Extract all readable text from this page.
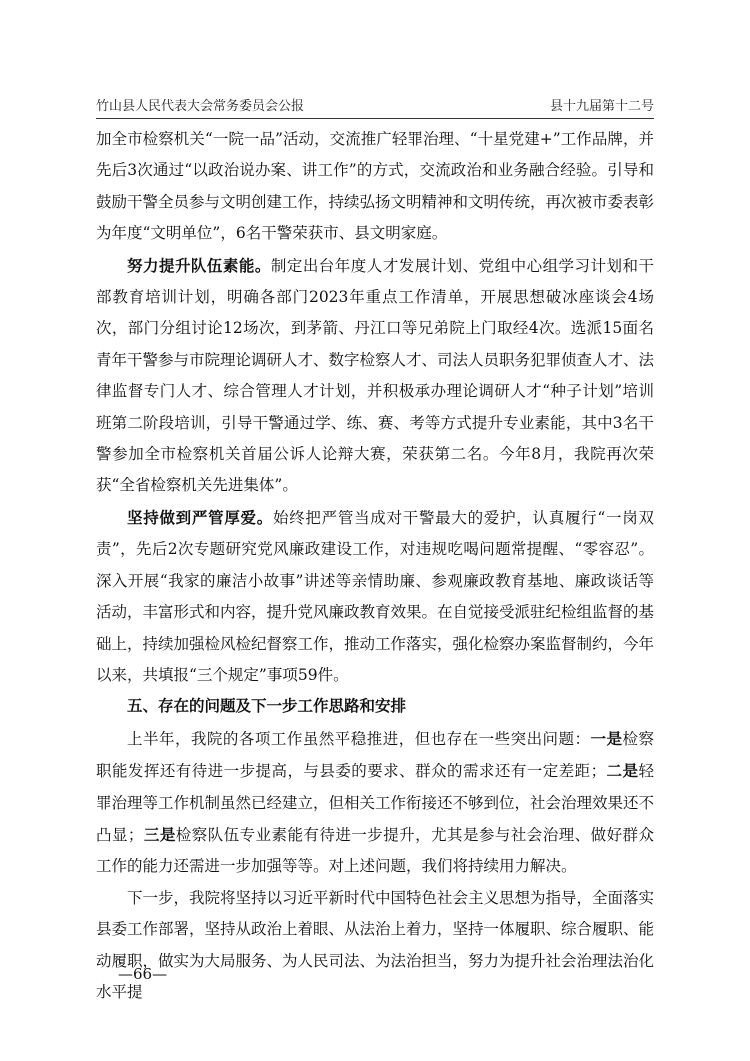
竹山县人民代表大会常务委员会公报	县十九届第十二号

加全市检察机关“一院一品”活动，交流推广轻罪治理、“十星党建+”工作品牌，并先后3次通过“以政治说办案、讲工作”的方式，交流政治和业务融合经验。引导和鼓励干警全员参与文明创建工作，持续弘扬文明精神和文明传统，再次被市委表彰为年度“文明单位”，6名干警荣获市、县文明家庭。

努力提升队伍素能。制定出台年度人才发展计划、党组中心组学习计划和干部教育培训计划，明确各部门2023年重点工作清单，开展思想破冰座谈会4场次，部门分组讨论12场次，到茅箭、丹江口等兄弟院上门取经4次。选派15面名青年干警参与市院理论调研人才、数字检察人才、司法人员职务犯罪侦查人才、法律监督专门人才、综合管理人才计划，并积极承办理论调研人才“种子计划”培训班第二阶段培训，引导干警通过学、练、赛、考等方式提升专业素能，其中3名干警参加全市检察机关首届公诉人论辩大赛，荣获第二名。今年8月，我院再次荣获“全省检察机关先进集体”。

坚持做到严管厚爱。始终把严管当成对干警最大的爱护，认真履行“一岗双责”，先后2次专题研究党风廉政建设工作，对违规吃喝问题常提醒、“零容忍”。深入开展“我家的廉洁小故事”讲述等亲情助廉、参观廉政教育基地、廉政谈话等活动，丰富形式和内容，提升党风廉政教育效果。在自觉接受派驻纪检组监督的基础上，持续加强检风检纪督察工作，推动工作落实，强化检察办案监督制约，今年以来，共填报“三个规定”事项59件。

五、存在的问题及下一步工作思路和安排

上半年，我院的各项工作虽然平稳推进，但也存在一些突出问题：一是检察职能发挥还有待进一步提高，与县委的要求、群众的需求还有一定差距；二是轻罪治理等工作机制虽然已经建立，但相关工作衔接还不够到位，社会治理效果还不凸显；三是检察队伍专业素能有待进一步提升，尤其是参与社会治理、做好群众工作的能力还需进一步加强等等。对上述问题，我们将持续用力解决。

下一步，我院将坚持以习近平新时代中国特色社会主义思想为指导，全面落实县委工作部署，坚持从政治上着眼、从法治上着力，坚持一体履职、综合履职、能动履职，做实为大局服务、为人民司法、为法治担当，努力为提升社会治理法治化水平提

—66—
